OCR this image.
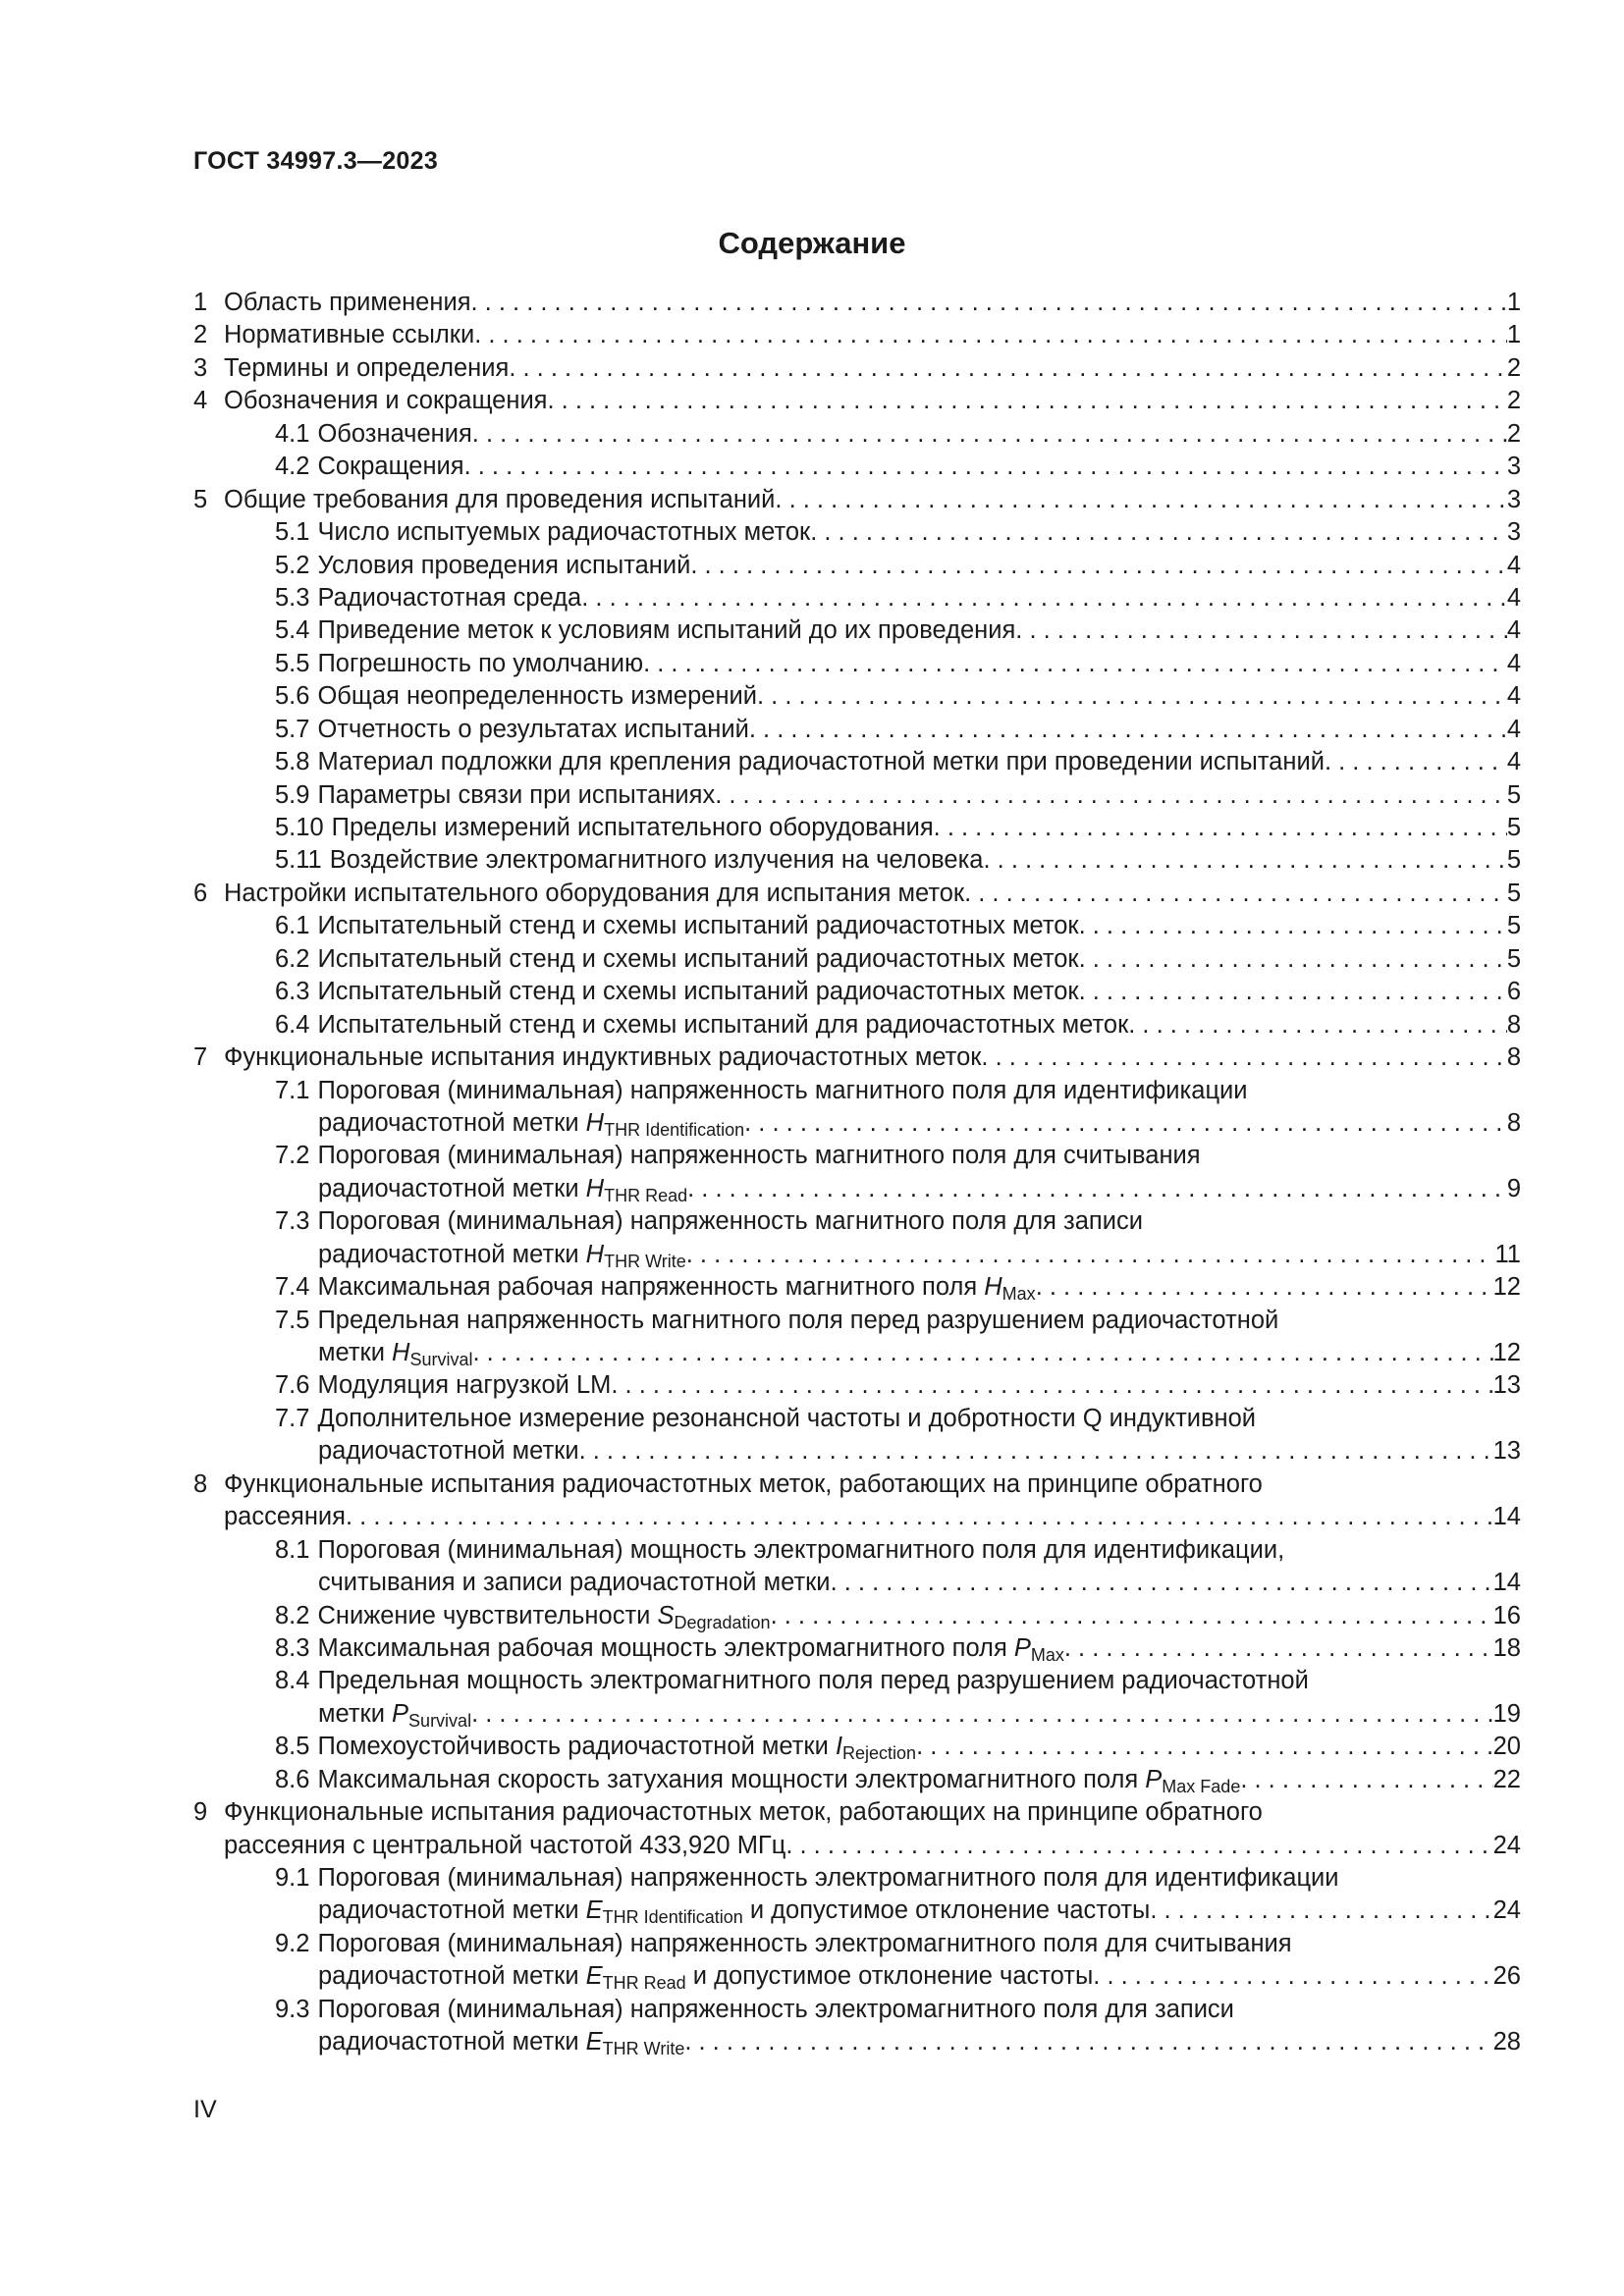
ГОСТ 34997.3—2023
Содержание
1 Область применения . . .	1
2 Нормативные ссылки . . .	1
3 Термины и определения . . .	2
4 Обозначения и сокращения . . .	2
4.1 Обозначения . . .	2
4.2 Сокращения . . .	3
5 Общие требования для проведения испытаний . . .	3
5.1 Число испытуемых радиочастотных меток . . .	3
5.2 Условия проведения испытаний . . .	4
5.3 Радиочастотная среда . . .	4
5.4 Приведение меток к условиям испытаний до их проведения . . .	4
5.5 Погрешность по умолчанию . . .	4
5.6 Общая неопределенность измерений . . .	4
5.7 Отчетность о результатах испытаний . . .	4
5.8 Материал подложки для крепления радиочастотной метки при проведении испытаний . . .	4
5.9 Параметры связи при испытаниях . . .	5
5.10 Пределы измерений испытательного оборудования . . .	5
5.11 Воздействие электромагнитного излучения на человека . . .	5
6 Настройки испытательного оборудования для испытания меток . . .	5
6.1 Испытательный стенд и схемы испытаний радиочастотных меток . . .	5
6.2 Испытательный стенд и схемы испытаний радиочастотных меток . . .	5
6.3 Испытательный стенд и схемы испытаний радиочастотных меток . . .	6
6.4 Испытательный стенд и схемы испытаний для радиочастотных меток . . .	8
7 Функциональные испытания индуктивных радиочастотных меток . . .	8
7.1 Пороговая (минимальная) напряженность магнитного поля для идентификации
радиочастотной метки $H_{THR Identification}$ . . .	8
7.2 Пороговая (минимальная) напряженность магнитного поля для считывания
радиочастотной метки $H_{THR Read}$ . . .	9
7.3 Пороговая (минимальная) напряженность магнитного поля для записи
радиочастотной метки $H_{THR Write}$ . . .	11
7.4 Максимальная рабочая напряженность магнитного поля $H_{Max}$ . . .	12
7.5 Предельная напряженность магнитного поля перед разрушением радиочастотной
метки $H_{Survival}$ . . .	12
7.6 Модуляция нагрузкой LM . . .	13
7.7 Дополнительное измерение резонансной частоты и добротности Q индуктивной
радиочастотной метки . . .	13
8 Функциональные испытания радиочастотных меток, работающих на принципе обратного
рассеяния . . .	14
8.1 Пороговая (минимальная) мощность электромагнитного поля для идентификации,
считывания и записи радиочастотной метки . . .	14
8.2 Снижение чувствительности $S_{Degradation}$ . . .	16
8.3 Максимальная рабочая мощность электромагнитного поля $P_{Max}$ . . .	18
8.4 Предельная мощность электромагнитного поля перед разрушением радиочастотной
метки $P_{Survival}$ . . .	19
8.5 Помехоустойчивость радиочастотной метки $I_{Rejection}$ . . .	20
8.6 Максимальная скорость затухания мощности электромагнитного поля $P_{Max Fade}$ . . .	22
9 Функциональные испытания радиочастотных меток, работающих на принципе обратного
рассеяния с центральной частотой 433,920 МГц . . .	24
9.1 Пороговая (минимальная) напряженность электромагнитного поля для идентификации
радиочастотной метки $E_{THR Identification}$ и допустимое отклонение частоты . . .	24
9.2 Пороговая (минимальная) напряженность электромагнитного поля для считывания
радиочастотной метки $E_{THR Read}$ и допустимое отклонение частоты . . .	26
9.3 Пороговая (минимальная) напряженность электромагнитного поля для записи
радиочастотной метки $E_{THR Write}$ . . .	28
IV
